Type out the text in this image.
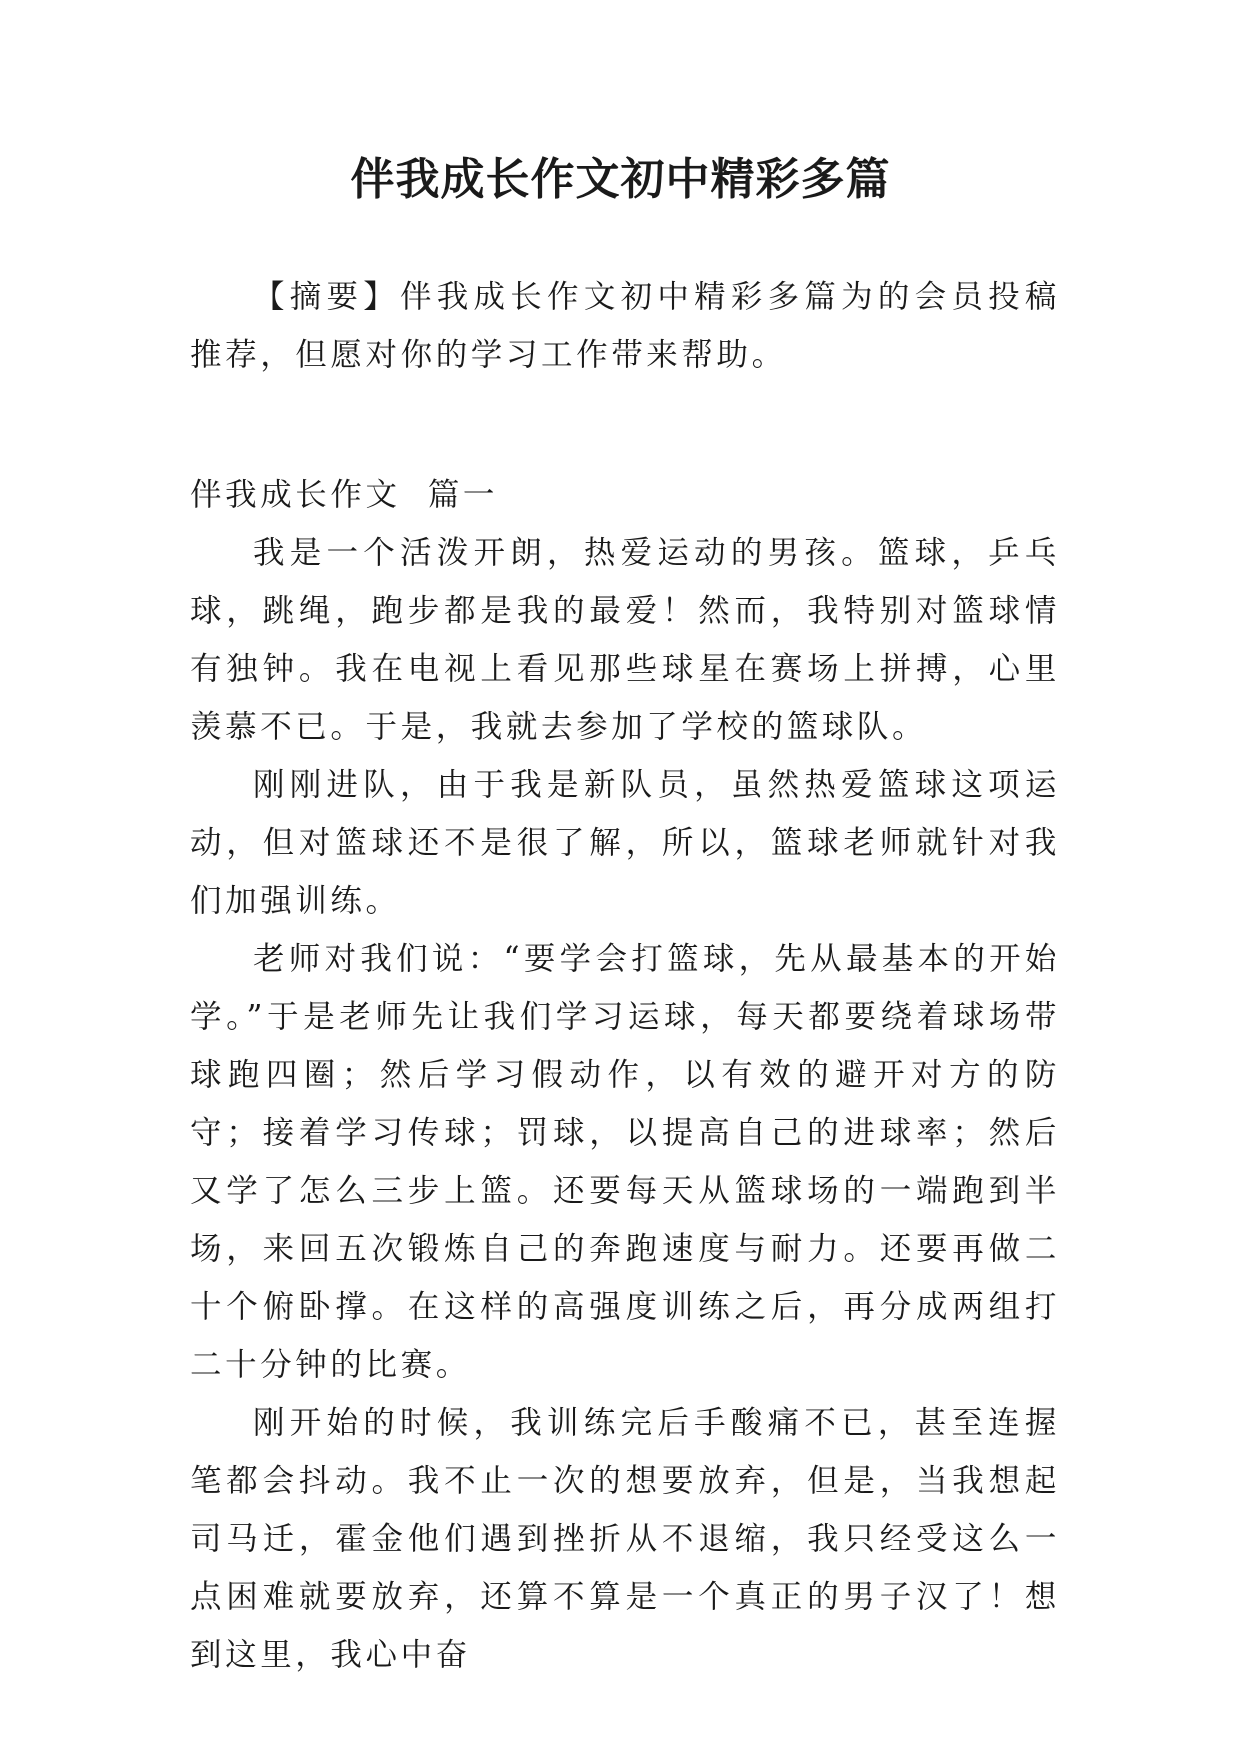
伴我成长作文初中精彩多篇

【摘要】伴我成长作文初中精彩多篇为的会员投稿推荐，但愿对你的学习工作带来帮助。

伴我成长作文  篇一

我是一个活泼开朗，热爱运动的男孩。篮球，乒乓球，跳绳，跑步都是我的最爱！然而，我特别对篮球情有独钟。我在电视上看见那些球星在赛场上拼搏，心里羡慕不已。于是，我就去参加了学校的篮球队。

刚刚进队，由于我是新队员，虽然热爱篮球这项运动，但对篮球还不是很了解，所以，篮球老师就针对我们加强训练。

老师对我们说：“要学会打篮球，先从最基本的开始学。”于是老师先让我们学习运球，每天都要绕着球场带球跑四圈；然后学习假动作，以有效的避开对方的防守；接着学习传球；罚球，以提高自己的进球率；然后又学了怎么三步上篮。还要每天从篮球场的一端跑到半场，来回五次锻炼自己的奔跑速度与耐力。还要再做二十个俯卧撑。在这样的高强度训练之后，再分成两组打二十分钟的比赛。

刚开始的时候，我训练完后手酸痛不已，甚至连握笔都会抖动。我不止一次的想要放弃，但是，当我想起司马迁，霍金他们遇到挫折从不退缩，我只经受这么一点困难就要放弃，还算不算是一个真正的男子汉了！想到这里，我心中奋
